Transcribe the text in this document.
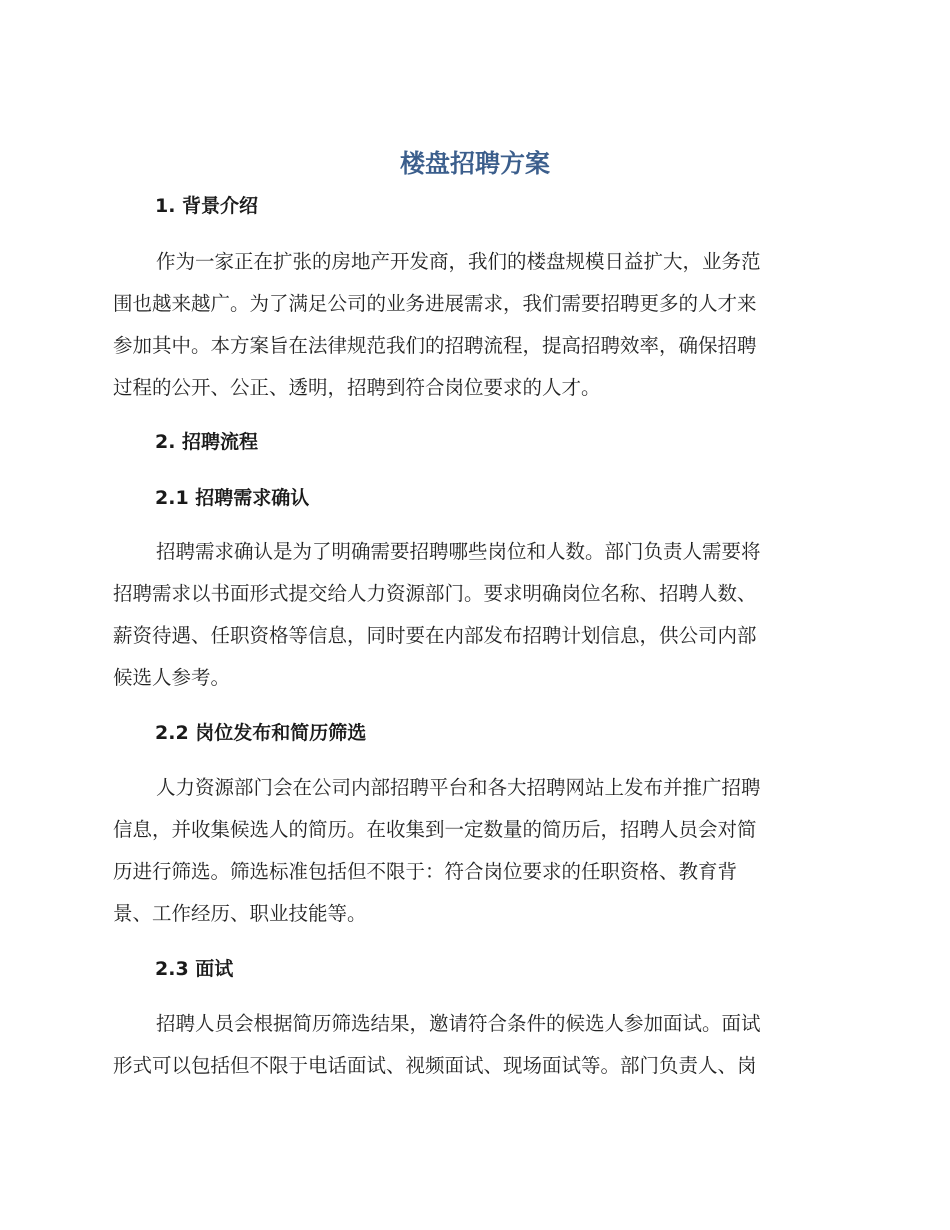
楼盘招聘方案
1. 背景介绍
作为一家正在扩张的房地产开发商，我们的楼盘规模日益扩大，业务范
围也越来越广。为了满足公司的业务进展需求，我们需要招聘更多的人才来
参加其中。本方案旨在法律规范我们的招聘流程，提高招聘效率，确保招聘
过程的公开、公正、透明，招聘到符合岗位要求的人才。
2. 招聘流程
2.1 招聘需求确认
招聘需求确认是为了明确需要招聘哪些岗位和人数。部门负责人需要将
招聘需求以书面形式提交给人力资源部门。要求明确岗位名称、招聘人数、
薪资待遇、任职资格等信息，同时要在内部发布招聘计划信息，供公司内部
候选人参考。
2.2 岗位发布和简历筛选
人力资源部门会在公司内部招聘平台和各大招聘网站上发布并推广招聘
信息，并收集候选人的简历。在收集到一定数量的简历后，招聘人员会对简
历进行筛选。筛选标准包括但不限于：符合岗位要求的任职资格、教育背
景、工作经历、职业技能等。
2.3 面试
招聘人员会根据简历筛选结果，邀请符合条件的候选人参加面试。面试
形式可以包括但不限于电话面试、视频面试、现场面试等。部门负责人、岗
